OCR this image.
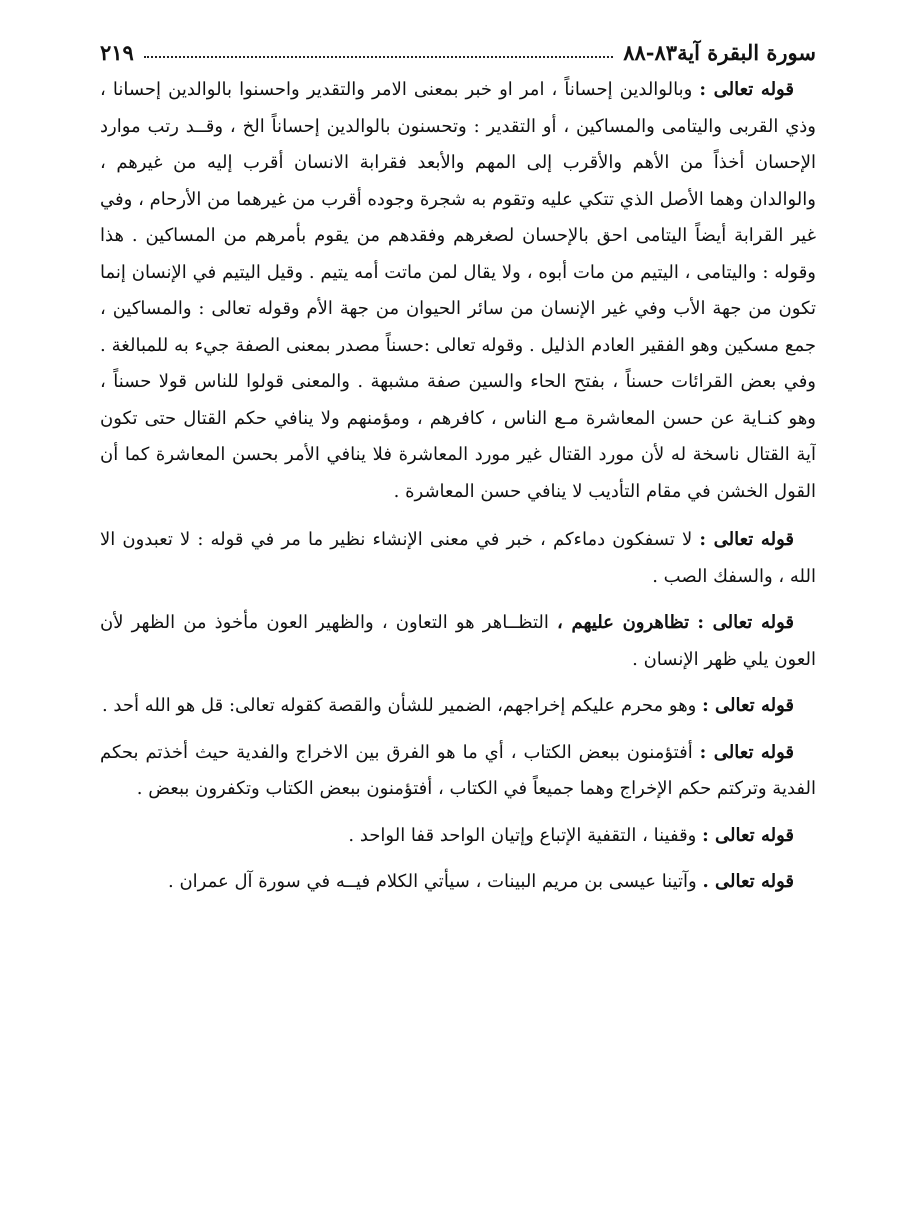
سورة البقرة آية٨٣-٨٨
٢١٩

قوله تعالى : وبالوالدين إحساناً ، امر او خبر بمعنى الامر والتقدير واحسنوا بالوالدين إحسانا ، وذي القربى واليتامى والمساكين ، أو التقدير : وتحسنون بالوالدين إحساناً الخ ، وقــد رتب موارد الإحسان أخذاً من الأهم والأقرب إلى المهم والأبعد فقرابة الانسان أقرب إليه من غيرهم ، والوالدان وهما الأصل الذي تتكي عليه وتقوم به شجرة وجوده أقرب من غيرهما من الأرحام ، وفي غير القرابة أيضاً اليتامى احق بالإحسان لصغرهم وفقدهم من يقوم بأمرهم من المساكين . هذا وقوله : واليتامى ، اليتيم من مات أبوه ، ولا يقال لمن ماتت أمه يتيم . وقيل اليتيم في الإنسان إنما تكون من جهة الأب وفي غير الإنسان من سائر الحيوان من جهة الأم وقوله تعالى : والمساكين ، جمع مسكين وهو الفقير العادم الذليل . وقوله تعالى :حسناً مصدر بمعنى الصفة جيء به للمبالغة . وفي بعض القرائات حسناً ، بفتح الحاء والسين صفة مشبهة . والمعنى قولوا للناس قولا حسناً ، وهو كنـاية عن حسن المعاشرة مـع الناس ، كافرهم ، ومؤمنهم ولا ينافي حكم القتال حتى تكون آية القتال ناسخة له لأن مورد القتال غير مورد المعاشرة فلا ينافي الأمر بحسن المعاشرة كما أن القول الخشن في مقام التأديب لا ينافي حسن المعاشرة .

قوله تعالى : لا تسفكون دماءكم ، خبر في معنى الإنشاء نظير ما مر في قوله : لا تعبدون الا الله ، والسفك الصب .

قوله تعالى : تظاهرون عليهم ، التظــاهر هو التعاون ، والظهير العون مأخوذ من الظهر لأن العون يلي ظهر الإنسان .

قوله تعالى : وهو محرم عليكم إخراجهم، الضمير للشأن والقصة كقوله تعالى: قل هو الله أحد .

قوله تعالى : أفتؤمنون ببعض الكتاب ، أي ما هو الفرق بين الاخراج والفدية حيث أخذتم بحكم الفدية وتركتم حكم الإخراج وهما جميعاً في الكتاب ، أفتؤمنون ببعض الكتاب وتكفرون ببعض .

قوله تعالى : وقفينا ، التقفية الإتباع وإتيان الواحد قفا الواحد .

قوله تعالى . وآتينا عيسى بن مريم البينات ، سيأتي الكلام فيــه في سورة آل عمران .
